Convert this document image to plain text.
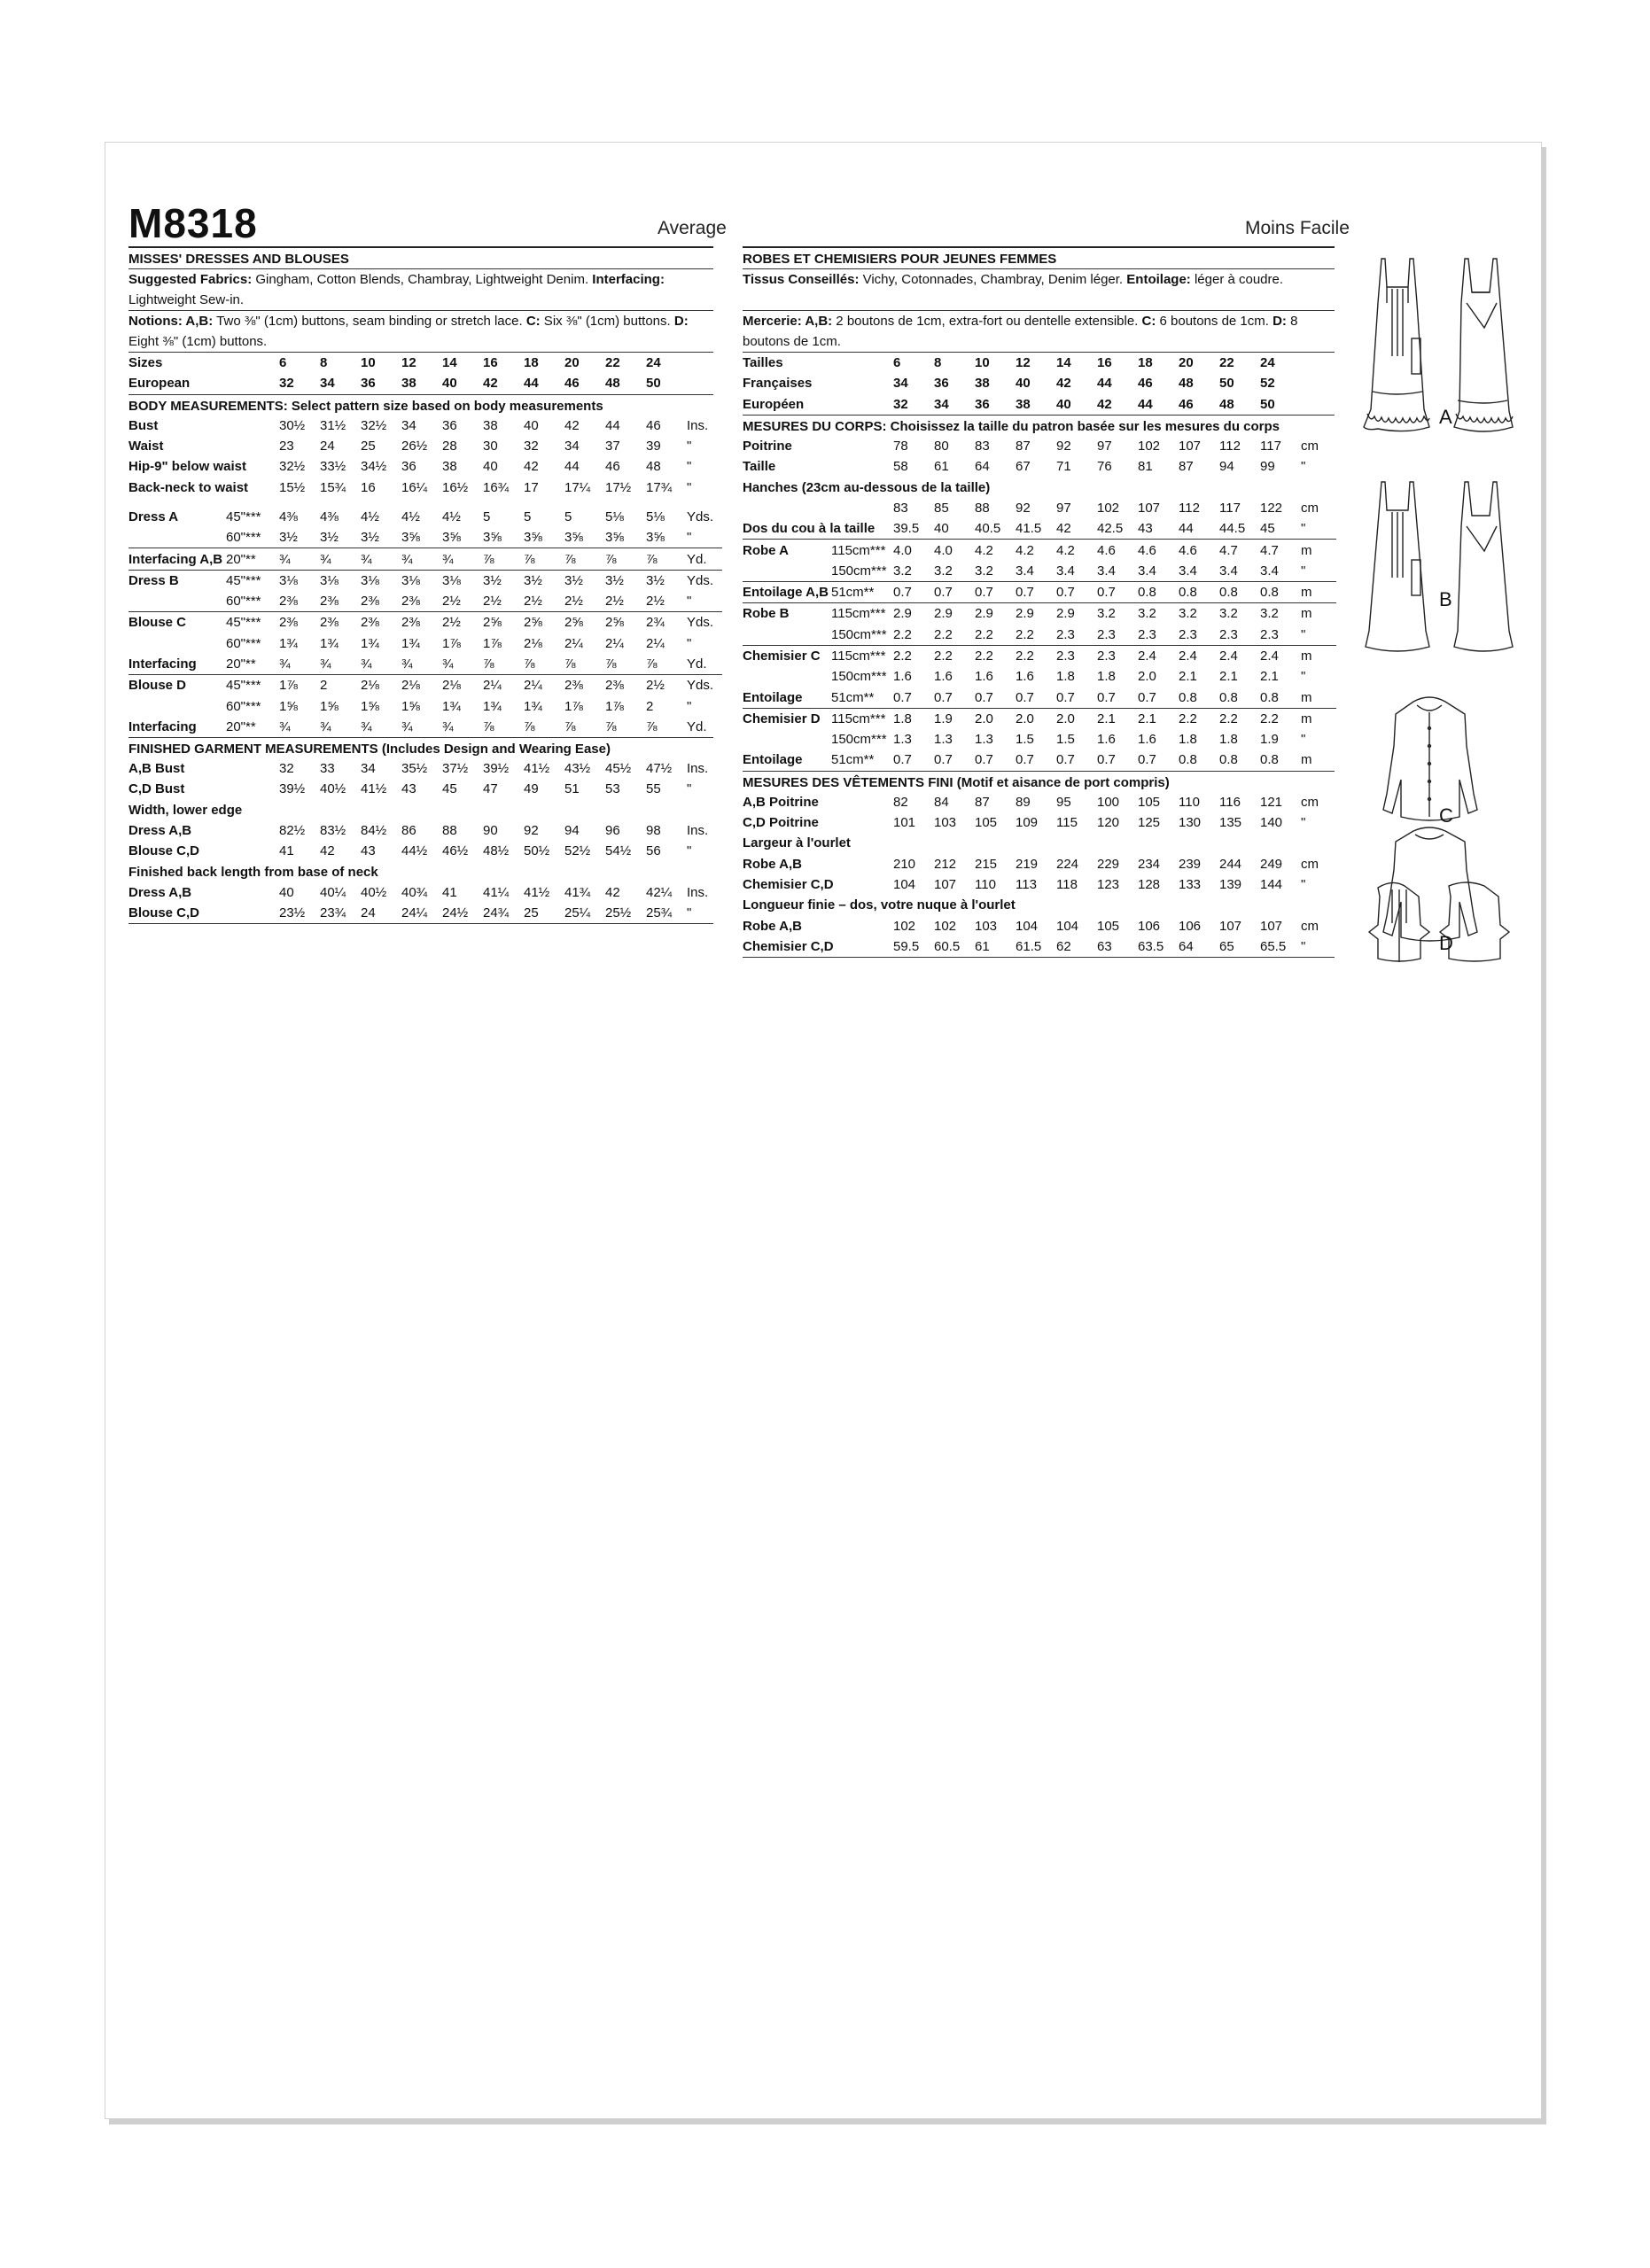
M8318	Average	Moins Facile
MISSES' DRESSES AND BLOUSES
Suggested Fabrics: Gingham, Cotton Blends, Chambray, Lightweight Denim. Interfacing: Lightweight Sew-in.
Notions: A,B: Two ⅜" (1cm) buttons, seam binding or stretch lace. C: Six ⅜" (1cm) buttons. D: Eight ⅜" (1cm) buttons.
Sizes		6	8	10	12	14	16	18	20	22	24	
European		32	34	36	38	40	42	44	46	48	50	
BODY MEASUREMENTS: Select pattern size based on body measurements
Bust		30½	31½	32½	34	36	38	40	42	44	46	Ins.
Waist		23	24	25	26½	28	30	32	34	37	39	"
Hip-9" below waist		32½	33½	34½	36	38	40	42	44	46	48	"
Back-neck to waist		15½	15¾	16	16¼	16½	16¾	17	17¼	17½	17¾	"
Dress A	45"***	4⅜	4⅜	4½	4½	4½	5	5	5	5⅛	5⅛	Yds.
	60"***	3½	3½	3½	3⅝	3⅝	3⅝	3⅝	3⅝	3⅝	3⅝	"
Interfacing A,B	20"**	¾	¾	¾	¾	¾	⅞	⅞	⅞	⅞	⅞	Yd.
Dress B	45"***	3⅛	3⅛	3⅛	3⅛	3⅛	3½	3½	3½	3½	3½	Yds.
	60"***	2⅜	2⅜	2⅜	2⅜	2½	2½	2½	2½	2½	2½	"
Blouse C	45"***	2⅜	2⅜	2⅜	2⅜	2½	2⅝	2⅝	2⅝	2⅝	2¾	Yds.
	60"***	1¾	1¾	1¾	1¾	1⅞	1⅞	2⅛	2¼	2¼	2¼	"
Interfacing	20"**	¾	¾	¾	¾	¾	⅞	⅞	⅞	⅞	⅞	Yd.
Blouse D	45"***	1⅞	2	2⅛	2⅛	2⅛	2¼	2¼	2⅜	2⅜	2½	Yds.
	60"***	1⅝	1⅝	1⅝	1⅝	1¾	1¾	1¾	1⅞	1⅞	2	"
Interfacing	20"**	¾	¾	¾	¾	¾	⅞	⅞	⅞	⅞	⅞	Yd.
FINISHED GARMENT MEASUREMENTS (Includes Design and Wearing Ease)
A,B Bust		32	33	34	35½	37½	39½	41½	43½	45½	47½	Ins.
C,D Bust		39½	40½	41½	43	45	47	49	51	53	55	"
Width, lower edge											
Dress A,B		82½	83½	84½	86	88	90	92	94	96	98	Ins.
Blouse C,D		41	42	43	44½	46½	48½	50½	52½	54½	56	"
Finished back length from base of neck											
Dress A,B		40	40¼	40½	40¾	41	41¼	41½	41¾	42	42¼	Ins.
Blouse C,D		23½	23¾	24	24¼	24½	24¾	25	25¼	25½	25¾	"
ROBES ET CHEMISIERS POUR JEUNES FEMMES
Tissus Conseillés: Vichy, Cotonnades, Chambray, Denim léger. Entoilage: léger à coudre.
Mercerie: A,B: 2 boutons de 1cm, extra-fort ou dentelle extensible. C: 6 boutons de 1cm. D: 8 boutons de 1cm.
Tailles		6	8	10	12	14	16	18	20	22	24	
Françaises		34	36	38	40	42	44	46	48	50	52	
Européen		32	34	36	38	40	42	44	46	48	50	
MESURES DU CORPS: Choisissez la taille du patron basée sur les mesures du corps
Poitrine		78	80	83	87	92	97	102	107	112	117	cm
Taille		58	61	64	67	71	76	81	87	94	99	"
Hanches (23cm au-dessous de la taille)											
		83	85	88	92	97	102	107	112	117	122	cm
Dos du cou à la taille		39.5	40	40.5	41.5	42	42.5	43	44	44.5	45	"
Robe A	115cm***	4.0	4.0	4.2	4.2	4.2	4.6	4.6	4.6	4.7	4.7	m
	150cm***	3.2	3.2	3.2	3.4	3.4	3.4	3.4	3.4	3.4	3.4	"
Entoilage A,B	51cm**	0.7	0.7	0.7	0.7	0.7	0.7	0.8	0.8	0.8	0.8	m
Robe B	115cm***	2.9	2.9	2.9	2.9	2.9	3.2	3.2	3.2	3.2	3.2	m
	150cm***	2.2	2.2	2.2	2.2	2.3	2.3	2.3	2.3	2.3	2.3	"
Chemisier C	115cm***	2.2	2.2	2.2	2.2	2.3	2.3	2.4	2.4	2.4	2.4	m
	150cm***	1.6	1.6	1.6	1.6	1.8	1.8	2.0	2.1	2.1	2.1	"
Entoilage	51cm**	0.7	0.7	0.7	0.7	0.7	0.7	0.7	0.8	0.8	0.8	m
Chemisier D	115cm***	1.8	1.9	2.0	2.0	2.0	2.1	2.1	2.2	2.2	2.2	m
	150cm***	1.3	1.3	1.3	1.5	1.5	1.6	1.6	1.8	1.8	1.9	"
Entoilage	51cm**	0.7	0.7	0.7	0.7	0.7	0.7	0.7	0.8	0.8	0.8	m
MESURES DES VÊTEMENTS FINI (Motif et aisance de port compris)
A,B Poitrine		82	84	87	89	95	100	105	110	116	121	cm
C,D Poitrine		101	103	105	109	115	120	125	130	135	140	"
Largeur à l'ourlet											
Robe A,B		210	212	215	219	224	229	234	239	244	249	cm
Chemisier C,D		104	107	110	113	118	123	128	133	139	144	"
Longueur finie – dos, votre nuque à l'ourlet											
Robe A,B		102	102	103	104	104	105	106	106	107	107	cm
Chemisier C,D		59.5	60.5	61	61.5	62	63	63.5	64	65	65.5	"
A
B
C
D
